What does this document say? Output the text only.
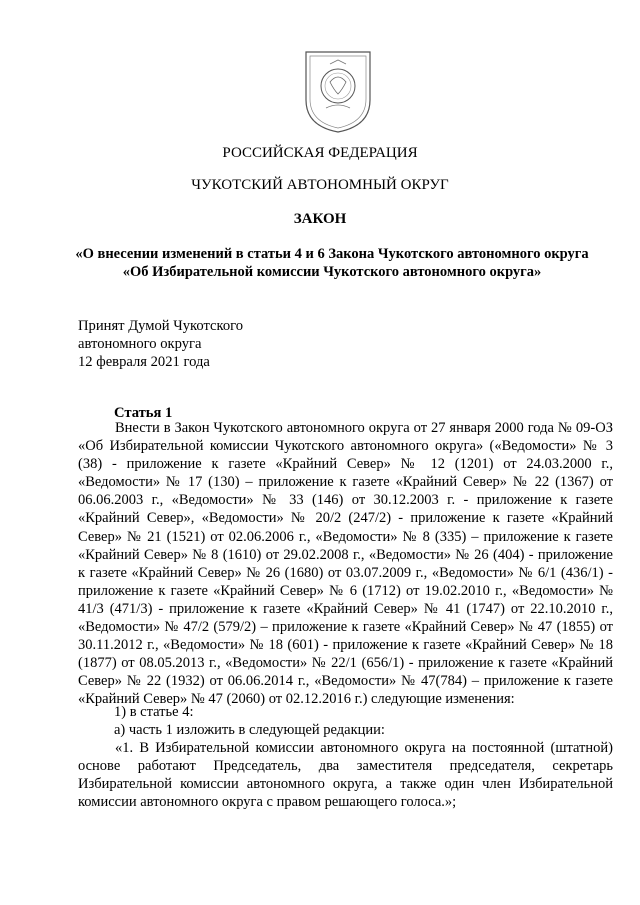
РОССИЙСКАЯ ФЕДЕРАЦИЯ
ЧУКОТСКИЙ АВТОНОМНЫЙ ОКРУГ
ЗАКОН
«О внесении изменений в статьи 4 и 6 Закона Чукотского автономного округа
«Об Избирательной комиссии Чукотского автономного округа»
Принят Думой Чукотского
автономного округа
12 февраля 2021 года
Статья 1
Внести в Закон Чукотского автономного округа от 27 января 2000 года № 09-ОЗ «Об Избирательной комиссии Чукотского автономного округа» («Ведомости» № 3 (38) - приложение к газете «Крайний Север» № 12 (1201) от 24.03.2000 г., «Ведомости» № 17 (130) – приложение к газете «Крайний Север» № 22 (1367) от 06.06.2003 г., «Ведомости» № 33 (146) от 30.12.2003 г. - приложение к газете «Крайний Север», «Ведомости» № 20/2 (247/2) - приложение к газете «Крайний Север» № 21 (1521) от 02.06.2006 г., «Ведомости» № 8 (335) – приложение к газете «Крайний Север» № 8 (1610) от 29.02.2008 г., «Ведомости» № 26 (404) - приложение к газете «Крайний Север» № 26 (1680) от 03.07.2009 г., «Ведомости» № 6/1 (436/1) - приложение к газете «Крайний Север» № 6 (1712) от 19.02.2010 г., «Ведомости» № 41/3 (471/3) - приложение к газете «Крайний Север» № 41 (1747) от 22.10.2010 г., «Ведомости» № 47/2 (579/2) – приложение к газете «Крайний Север» № 47 (1855) от 30.11.2012 г., «Ведомости» № 18 (601) - приложение к газете «Крайний Север» № 18 (1877) от 08.05.2013 г., «Ведомости» № 22/1 (656/1) - приложение к газете «Крайний Север» № 22 (1932) от 06.06.2014 г., «Ведомости» № 47(784) – приложение к газете «Крайний Север» № 47 (2060) от 02.12.2016 г.) следующие изменения:
1) в статье 4:
а) часть 1 изложить в следующей редакции:
«1. В Избирательной комиссии автономного округа на постоянной (штатной) основе работают Председатель, два заместителя председателя, секретарь Избирательной комиссии автономного округа, а также один член Избирательной комиссии автономного округа с правом решающего голоса.»;
